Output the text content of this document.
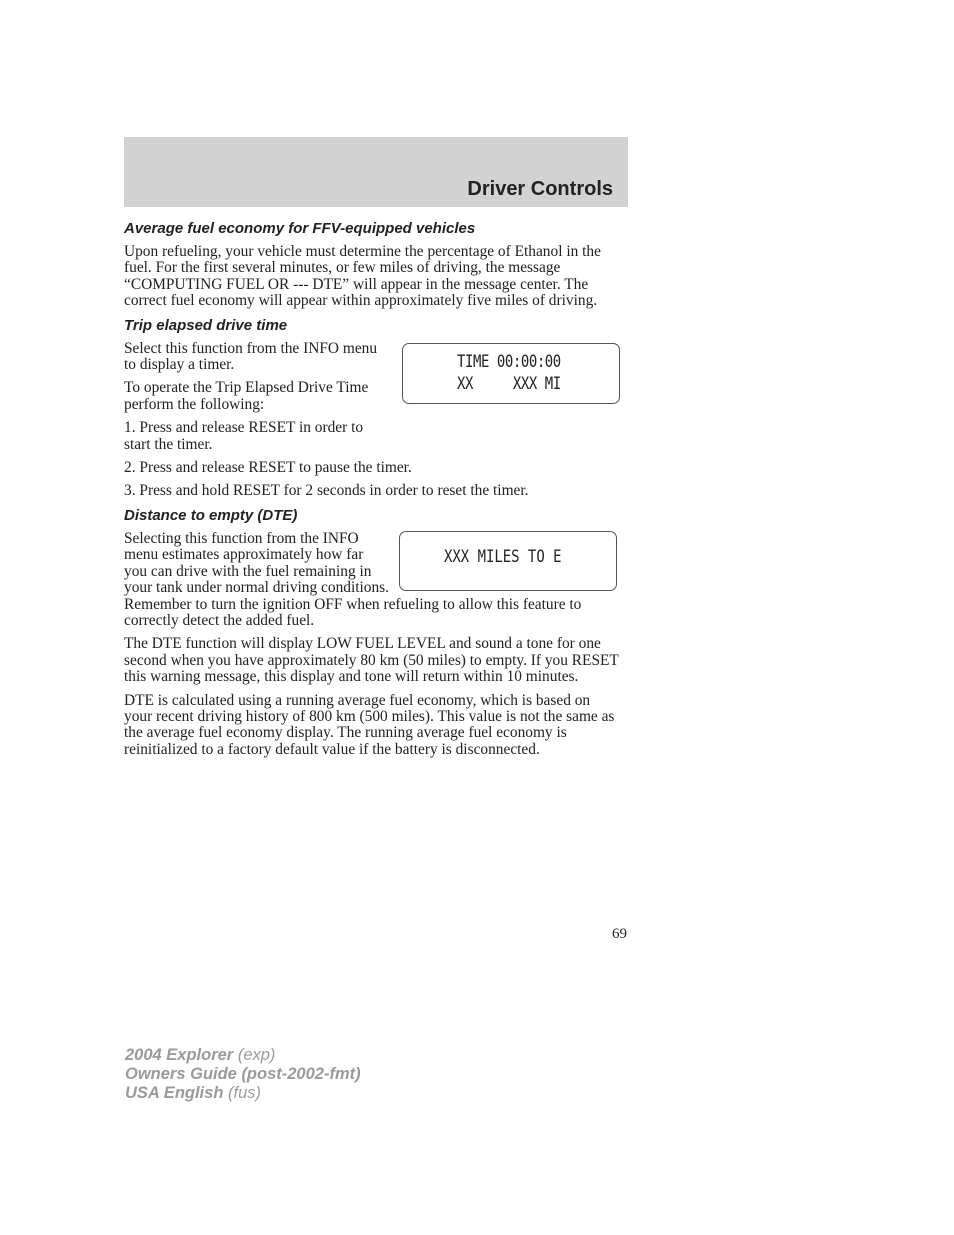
Driver Controls
Average fuel economy for FFV-equipped vehicles

Upon refueling, your vehicle must determine the percentage of Ethanol in the fuel. For the first several minutes, or few miles of driving, the message “COMPUTING FUEL OR --- DTE” will appear in the message center. The correct fuel economy will appear within approximately five miles of driving.

Trip elapsed drive time

Select this function from the INFO menu to display a timer.

To operate the Trip Elapsed Drive Time perform the following:

1. Press and release RESET in order to start the timer.

TIME 00:00:00
XX     XXX MI

2. Press and release RESET to pause the timer.

3. Press and hold RESET for 2 seconds in order to reset the timer.

Distance to empty (DTE)

Selecting this function from the INFO menu estimates approximately how far you can drive with the fuel remaining in your tank under normal driving conditions.

XXX MILES TO E

Remember to turn the ignition OFF when refueling to allow this feature to correctly detect the added fuel.

The DTE function will display LOW FUEL LEVEL and sound a tone for one second when you have approximately 80 km (50 miles) to empty. If you RESET this warning message, this display and tone will return within 10 minutes.

DTE is calculated using a running average fuel economy, which is based on your recent driving history of 800 km (500 miles). This value is not the same as the average fuel economy display. The running average fuel economy is reinitialized to a factory default value if the battery is disconnected.

69
2004 Explorer (exp)
Owners Guide (post-2002-fmt)
USA English (fus)
